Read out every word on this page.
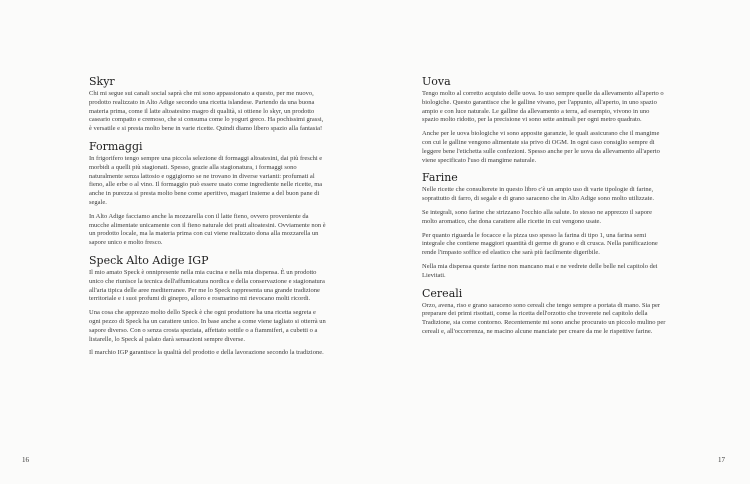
Skyr

Chi mi segue sui canali social saprà che mi sono appassionato a questo, per me nuovo, prodotto realizzato in Alto Adige secondo una ricetta islandese. Partendo da una buona materia prima, come il latte altoatesino magro di qualità, si ottiene lo skyr, un prodotto caseario compatto e cremoso, che si consuma come lo yogurt greco. Ha pochissimi grassi, è versatile e si presta molto bene in varie ricette. Quindi diamo libero spazio alla fantasia!

Formaggi

In frigorifero tengo sempre una piccola selezione di formaggi altoatesini, dai più freschi e morbidi a quelli più stagionati. Spesso, grazie alla stagionatura, i formaggi sono naturalmente senza lattosio e oggigiorno se ne trovano in diverse varianti: profumati al fieno, alle erbe o al vino. Il formaggio può essere usato come ingrediente nelle ricette, ma anche in purezza si presta molto bene come aperitivo, magari insieme a del buon pane di segale.

In Alto Adige facciamo anche la mozzarella con il latte fieno, ovvero proveniente da mucche alimentate unicamente con il fieno naturale dei prati altoatesini. Ovviamente non è un prodotto locale, ma la materia prima con cui viene realizzato dona alla mozzarella un sapore unico e molto fresco.

Speck Alto Adige IGP

Il mio amato Speck è onnipresente nella mia cucina e nella mia dispensa. È un prodotto unico che riunisce la tecnica dell'affumicatura nordica e della conservazione e stagionatura all'aria tipica delle aree mediterranee. Per me lo Speck rappresenta una grande tradizione territoriale e i suoi profumi di ginepro, alloro e rosmarino mi rievocano molti ricordi.

Una cosa che apprezzo molto dello Speck è che ogni produttore ha una ricetta segreta e ogni pezzo di Speck ha un carattere unico. In base anche a come viene tagliato si otterrà un sapore diverso. Con o senza crosta speziata, affettato sottile o a fiammiferi, a cubetti o a listarelle, lo Speck al palato darà sensazioni sempre diverse.

Il marchio IGP garantisce la qualità del prodotto e della lavorazione secondo la tradizione.

16
Uova

Tengo molto al corretto acquisto delle uova. Io uso sempre quelle da allevamento all'aperto o biologiche. Questo garantisce che le galline vivano, per l'appunto, all'aperto, in uno spazio ampio e con luce naturale. Le galline da allevamento a terra, ad esempio, vivono in uno spazio molto ridotto, per la precisione vi sono sette animali per ogni metro quadrato.

Anche per le uova biologiche vi sono apposite garanzie, le quali assicurano che il mangime con cui le galline vengono alimentate sia privo di OGM. In ogni caso consiglio sempre di leggere bene l'etichetta sulle confezioni. Spesso anche per le uova da allevamento all'aperto viene specificato l'uso di mangime naturale.

Farine

Nelle ricette che consulterete in questo libro c'è un ampio uso di varie tipologie di farine, soprattutto di farro, di segale e di grano saraceno che in Alto Adige sono molto utilizzate.

Se integrali, sono farine che strizzano l'occhio alla salute. Io stesso ne apprezzo il sapore molto aromatico, che dona carattere alle ricette in cui vengono usate.

Per quanto riguarda le focacce e la pizza uso spesso la farina di tipo 1, una farina semi integrale che contiene maggiori quantità di germe di grano e di crusca. Nella panificazione rende l'impasto soffice ed elastico che sarà più facilmente digeribile.

Nella mia dispensa queste farine non mancano mai e ne vedrete delle belle nel capitolo dei Lievitati.

Cereali

Orzo, avena, riso e grano saraceno sono cereali che tengo sempre a portata di mano. Sia per preparare dei primi risottati, come la ricetta dell'orzotto che troverete nel capitolo della Tradizione, sia come contorno. Recentemente mi sono anche procurato un piccolo mulino per cereali e, all'occorrenza, ne macino alcune manciate per creare da me le rispettive farine.

17
